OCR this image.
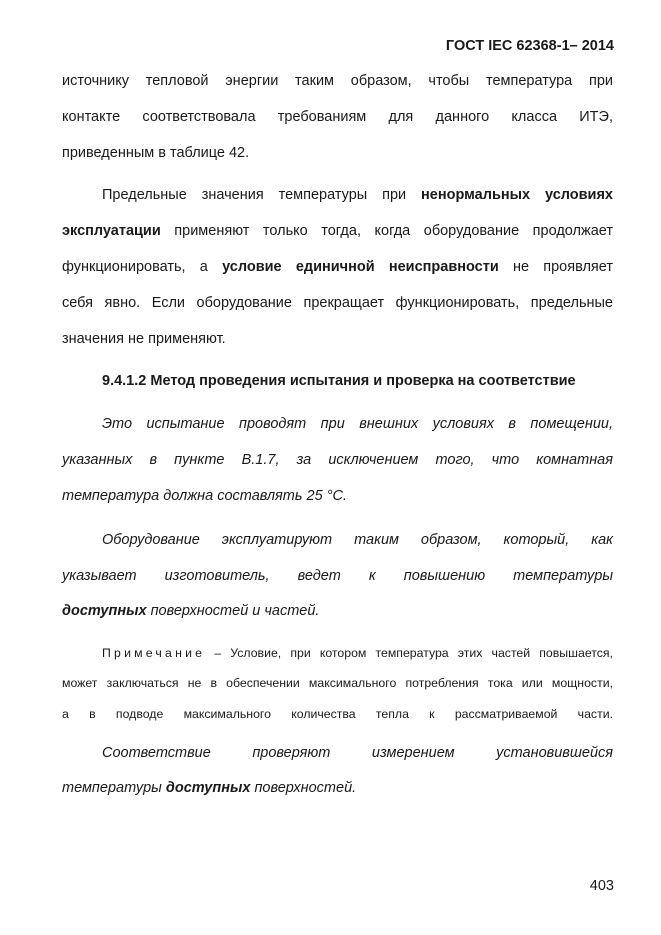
ГОСТ IEC 62368-1– 2014
источнику тепловой энергии таким образом, чтобы температура при
контакте соответствовала требованиям для данного класса ИТЭ,
приведенным в таблице 42.
Предельные значения температуры при ненормальных условиях
эксплуатации применяют только тогда, когда оборудование продолжает
функционировать, а условие единичной неисправности не проявляет
себя явно. Если оборудование прекращает функционировать, предельные
значения не применяют.
9.4.1.2 Метод проведения испытания и проверка на соответствие
Это испытание проводят при внешних условиях в помещении,
указанных в пункте В.1.7, за исключением того, что комнатная
температура должна составлять 25 °С.
Оборудование эксплуатируют таким образом, который, как
указывает изготовитель, ведет к повышению температуры
доступных поверхностей и частей.
Примечание – Условие, при котором температура этих частей повышается,
может заключаться не в обеспечении максимального потребления тока или мощности,
а в подводе максимального количества тепла к рассматриваемой части.
Соответствие проверяют измерением установившейся
температуры доступных поверхностей.
403
